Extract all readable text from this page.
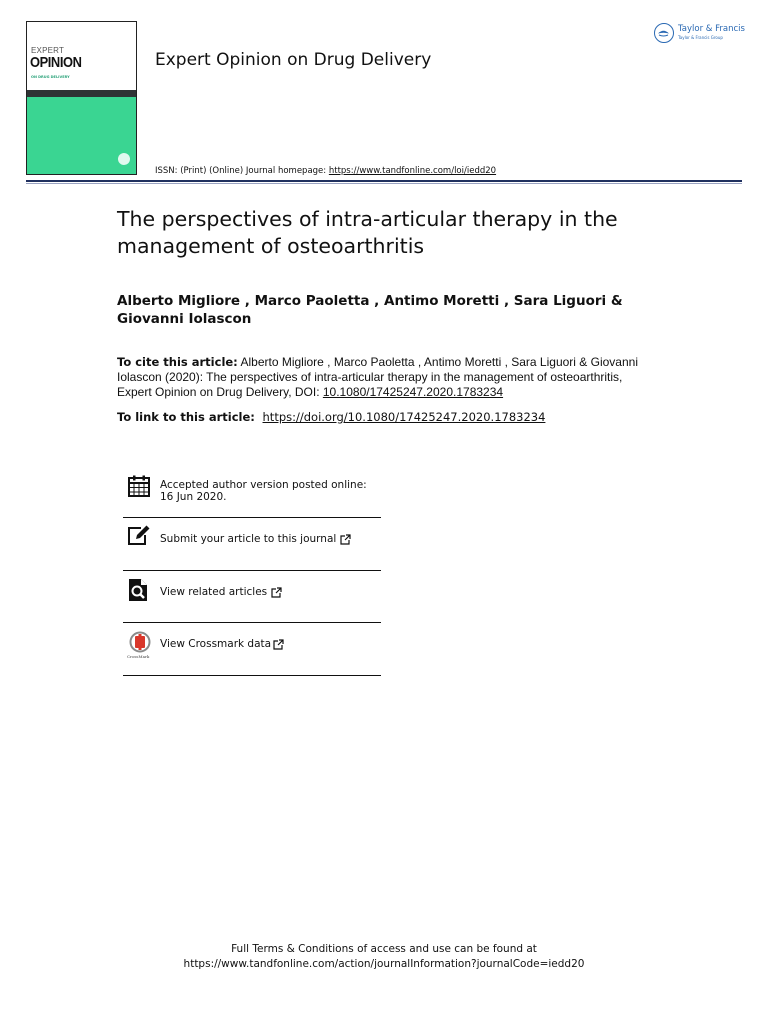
EXPERT
OPINION
ON DRUG DELIVERY
Expert Opinion on Drug Delivery
ISSN: (Print) (Online) Journal homepage: https://www.tandfonline.com/loi/iedd20
Taylor & Francis
Taylor & Francis Group
The perspectives of intra-articular therapy in the management of osteoarthritis
Alberto Migliore , Marco Paoletta , Antimo Moretti , Sara Liguori & Giovanni Iolascon
To cite this article: Alberto Migliore , Marco Paoletta , Antimo Moretti , Sara Liguori & Giovanni Iolascon (2020): The perspectives of intra-articular therapy in the management of osteoarthritis, Expert Opinion on Drug Delivery, DOI: 10.1080/17425247.2020.1783234
To link to this article: https://doi.org/10.1080/17425247.2020.1783234
Accepted author version posted online: 16 Jun 2020.
Submit your article to this journal
View related articles
CrossMark
View Crossmark data
Full Terms & Conditions of access and use can be found at
https://www.tandfonline.com/action/journalInformation?journalCode=iedd20
